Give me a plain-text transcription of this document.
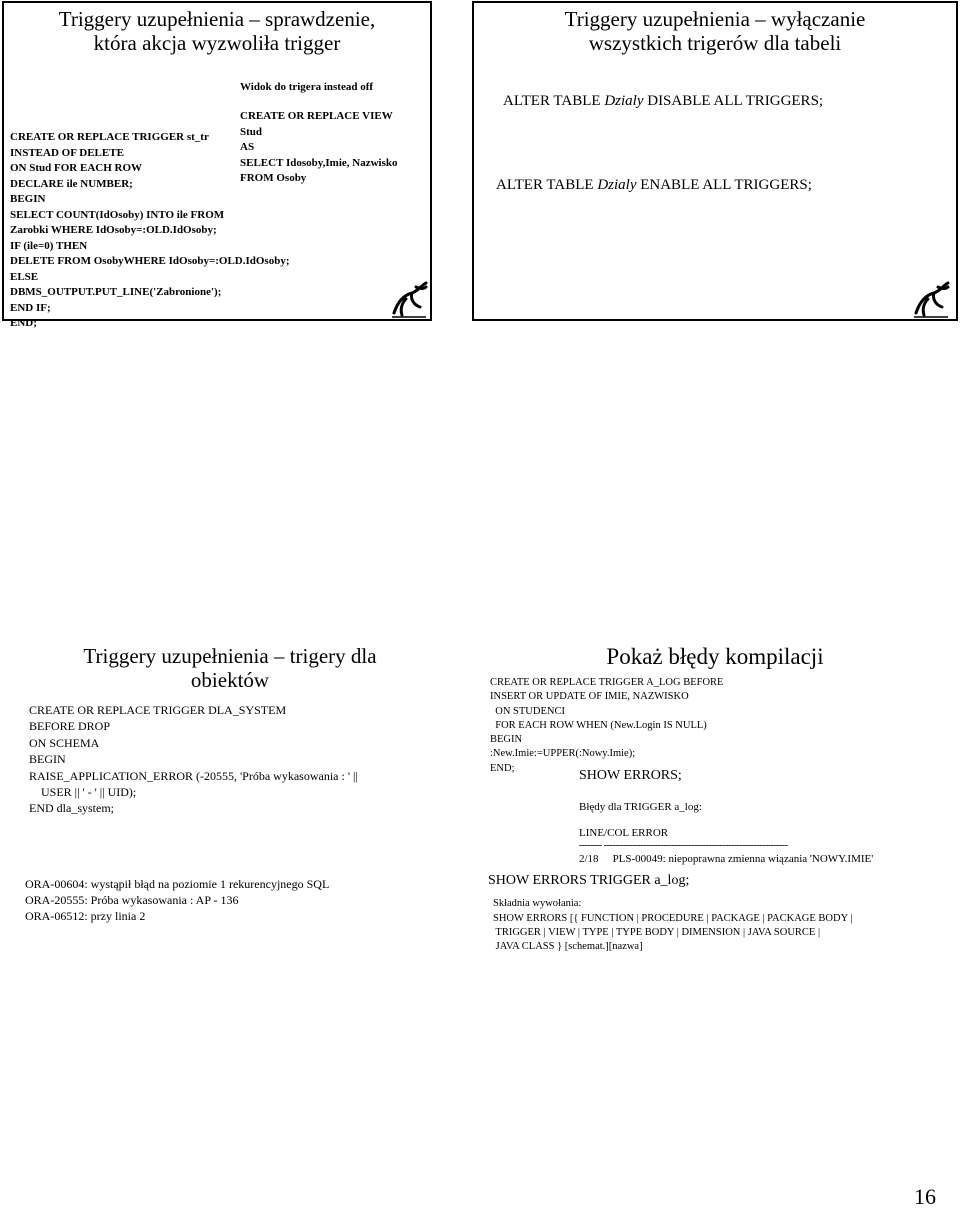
Triggery uzupełnienia – sprawdzenie,
która akcja wyzwoliła trigger
CREATE OR REPLACE TRIGGER st_tr
INSTEAD OF DELETE
ON Stud FOR EACH ROW
DECLARE ile NUMBER;
BEGIN
SELECT COUNT(IdOsoby) INTO ile FROM
Zarobki WHERE IdOsoby=:OLD.IdOsoby;
IF (ile=0) THEN
DELETE FROM OsobyWHERE IdOsoby=:OLD.IdOsoby;
ELSE
DBMS_OUTPUT.PUT_LINE('Zabronione');
END IF;
END;
Widok do trigera instead off
CREATE OR REPLACE VIEW
Stud
AS
SELECT Idosoby,Imie, Nazwisko
FROM Osoby
Triggery uzupełnienia – wyłączanie
wszystkich trigerów dla tabeli
ALTER TABLE Dzialy DISABLE ALL TRIGGERS;
ALTER TABLE Dzialy ENABLE ALL TRIGGERS;
Triggery uzupełnienia – trigery dla
obiektów
CREATE OR REPLACE TRIGGER DLA_SYSTEM
BEFORE DROP
ON SCHEMA
BEGIN
RAISE_APPLICATION_ERROR (-20555, 'Próba wykasowania : ' ||
USER || ' - ' || UID);
END dla_system;
ORA-00604: wystąpił błąd na poziomie 1 rekurencyjnego SQL
ORA-20555: Próba wykasowania : AP - 136
ORA-06512: przy linia 2
Pokaż błędy kompilacji
CREATE OR REPLACE TRIGGER A_LOG BEFORE
INSERT OR UPDATE OF IMIE, NAZWISKO
ON STUDENCI
FOR EACH ROW WHEN (New.Login IS NULL)
BEGIN
:New.Imie:=UPPER(:Nowy.Imie);
END;	SHOW ERRORS;
Błędy dla TRIGGER a_log:
LINE/COL ERROR
-------- -----------------------------------------------------------------
2/18 PLS-00049: niepoprawna zmienna wiązania 'NOWY.IMIE'
SHOW ERRORS TRIGGER a_log;
Składnia wywołania:
SHOW ERRORS [{ FUNCTION | PROCEDURE | PACKAGE | PACKAGE BODY |
TRIGGER | VIEW | TYPE | TYPE BODY | DIMENSION | JAVA SOURCE |
JAVA CLASS } [schemat.][nazwa]
16
